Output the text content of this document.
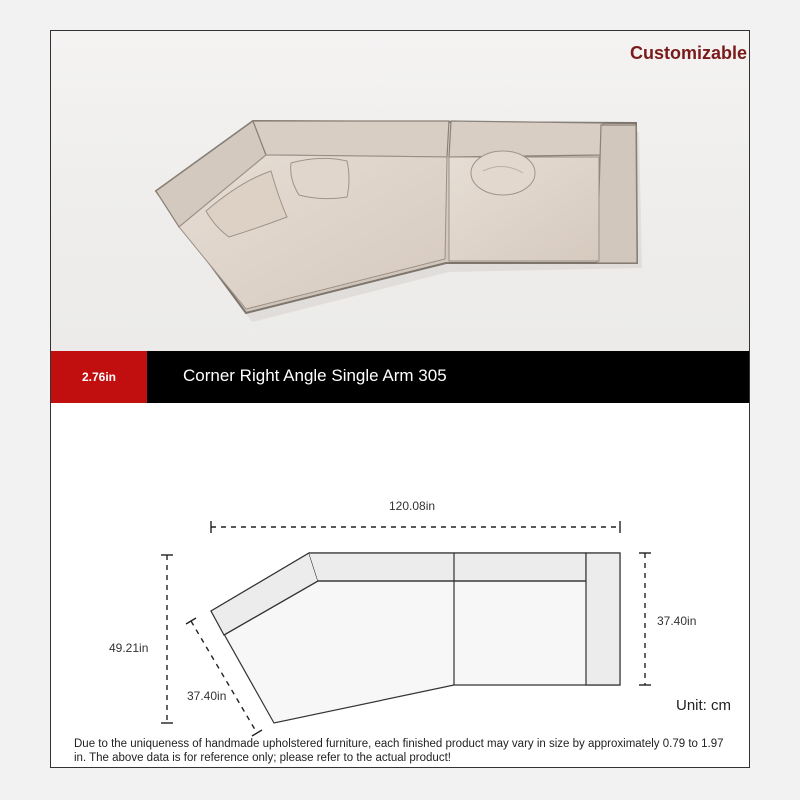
Customizable
2.76in	Corner Right Angle Single Arm 305
120.08in
49.21in
37.40in
37.40in
Unit: cm
Due to the uniqueness of handmade upholstered furniture, each finished product may vary in size by approximately 0.79 to 1.97 in. The above data is for reference only; please refer to the actual product!
